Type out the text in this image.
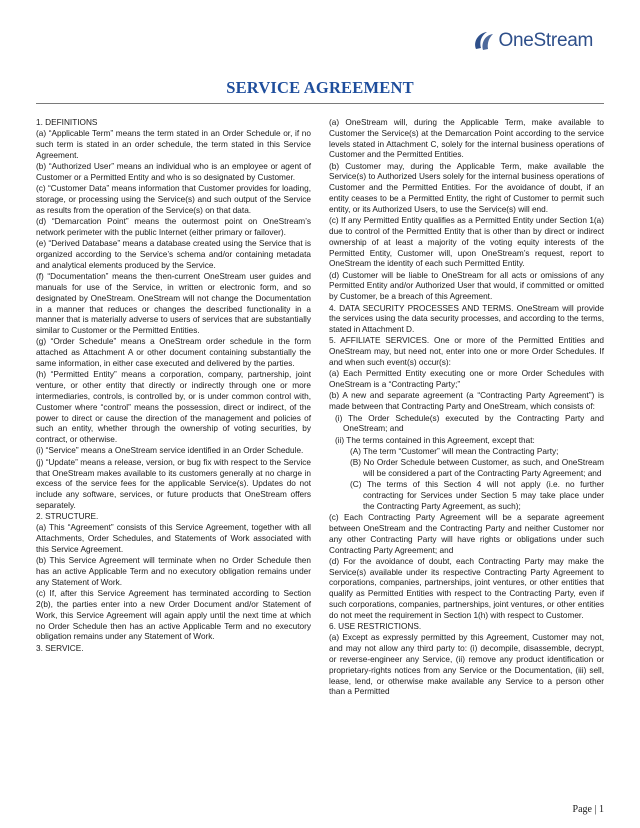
OneStream
SERVICE AGREEMENT

1. DEFINITIONS

(a) “Applicable Term” means the term stated in an Order Schedule or, if no such term is stated in an order schedule, the term stated in this Service Agreement.

(b) “Authorized User” means an individual who is an employee or agent of Customer or a Permitted Entity and who is so designated by Customer.

(c) “Customer Data” means information that Customer provides for loading, storage, or processing using the Service(s) and such output of the Service as results from the operation of the Service(s) on that data.

(d) “Demarcation Point” means the outermost point on OneStream’s network perimeter with the public Internet (either primary or failover).

(e) “Derived Database” means a database created using the Service that is organized according to the Service’s schema and/or containing metadata and analytical elements produced by the Service.

(f) “Documentation” means the then-current OneStream user guides and manuals for use of the Service, in written or electronic form, and so designated by OneStream. OneStream will not change the Documentation in a manner that reduces or changes the described functionality in a manner that is materially adverse to users of services that are substantially similar to Customer or the Permitted Entities.

(g) “Order Schedule” means a OneStream order schedule in the form attached as Attachment A or other document containing substantially the same information, in either case executed and delivered by the parties.

(h) “Permitted Entity” means a corporation, company, partnership, joint venture, or other entity that directly or indirectly through one or more intermediaries, controls, is controlled by, or is under common control with, Customer where “control” means the possession, direct or indirect, of the power to direct or cause the direction of the management and policies of such an entity, whether through the ownership of voting securities, by contract, or otherwise.

(i) “Service” means a OneStream service identified in an Order Schedule.

(j) “Update” means a release, version, or bug fix with respect to the Service that OneStream makes available to its customers generally at no charge in excess of the service fees for the applicable Service(s). Updates do not include any software, services, or future products that OneStream offers separately.

2. STRUCTURE.

(a) This “Agreement” consists of this Service Agreement, together with all Attachments, Order Schedules, and Statements of Work associated with this Service Agreement.

(b) This Service Agreement will terminate when no Order Schedule then has an active Applicable Term and no executory obligation remains under any Statement of Work.

(c) If, after this Service Agreement has terminated according to Section 2(b), the parties enter into a new Order Document and/or Statement of Work, this Service Agreement will again apply until the next time at which no Order Schedule then has an active Applicable Term and no executory obligation remains under any Statement of Work.

3. SERVICE.

(a) OneStream will, during the Applicable Term, make available to Customer the Service(s) at the Demarcation Point according to the service levels stated in Attachment C, solely for the internal business operations of Customer and the Permitted Entities.

(b) Customer may, during the Applicable Term, make available the Service(s) to Authorized Users solely for the internal business operations of Customer and the Permitted Entities. For the avoidance of doubt, if an entity ceases to be a Permitted Entity, the right of Customer to permit such entity, or its Authorized Users, to use the Service(s) will end.

(c) If any Permitted Entity qualifies as a Permitted Entity under Section 1(a) due to control of the Permitted Entity that is other than by direct or indirect ownership of at least a majority of the voting equity interests of the Permitted Entity, Customer will, upon OneStream’s request, report to OneStream the identity of each such Permitted Entity.

(d) Customer will be liable to OneStream for all acts or omissions of any Permitted Entity and/or Authorized User that would, if committed or omitted by Customer, be a breach of this Agreement.

4. DATA SECURITY PROCESSES AND TERMS. OneStream will provide the services using the data security processes, and according to the terms, stated in Attachment D.

5. AFFILIATE SERVICES. One or more of the Permitted Entities and OneStream may, but need not, enter into one or more Order Schedules. If and when such event(s) occur(s):

(a) Each Permitted Entity executing one or more Order Schedules with OneStream is a “Contracting Party;”

(b) A new and separate agreement (a “Contracting Party Agreement”) is made between that Contracting Party and OneStream, which consists of:

(i) The Order Schedule(s) executed by the Contracting Party and OneStream; and

(ii) The terms contained in this Agreement, except that:

(A) The term “Customer” will mean the Contracting Party;

(B) No Order Schedule between Customer, as such, and OneStream will be considered a part of the Contracting Party Agreement; and

(C) The terms of this Section 4 will not apply (i.e. no further contracting for Services under Section 5 may take place under the Contracting Party Agreement, as such);

(c) Each Contracting Party Agreement will be a separate agreement between OneStream and the Contracting Party and neither Customer nor any other Contracting Party will have rights or obligations under such Contracting Party Agreement; and

(d) For the avoidance of doubt, each Contracting Party may make the Service(s) available under its respective Contracting Party Agreement to corporations, companies, partnerships, joint ventures, or other entities that qualify as Permitted Entities with respect to the Contracting Party, even if such corporations, companies, partnerships, joint ventures, or other entities do not meet the requirement in Section 1(h) with respect to Customer.

6. USE RESTRICTIONS.

(a) Except as expressly permitted by this Agreement, Customer may not, and may not allow any third party to: (i) decompile, disassemble, decrypt, or reverse-engineer any Service, (ii) remove any product identification or proprietary-rights notices from any Service or the Documentation, (iii) sell, lease, lend, or otherwise make available any Service to a person other than a Permitted

Page | 1
